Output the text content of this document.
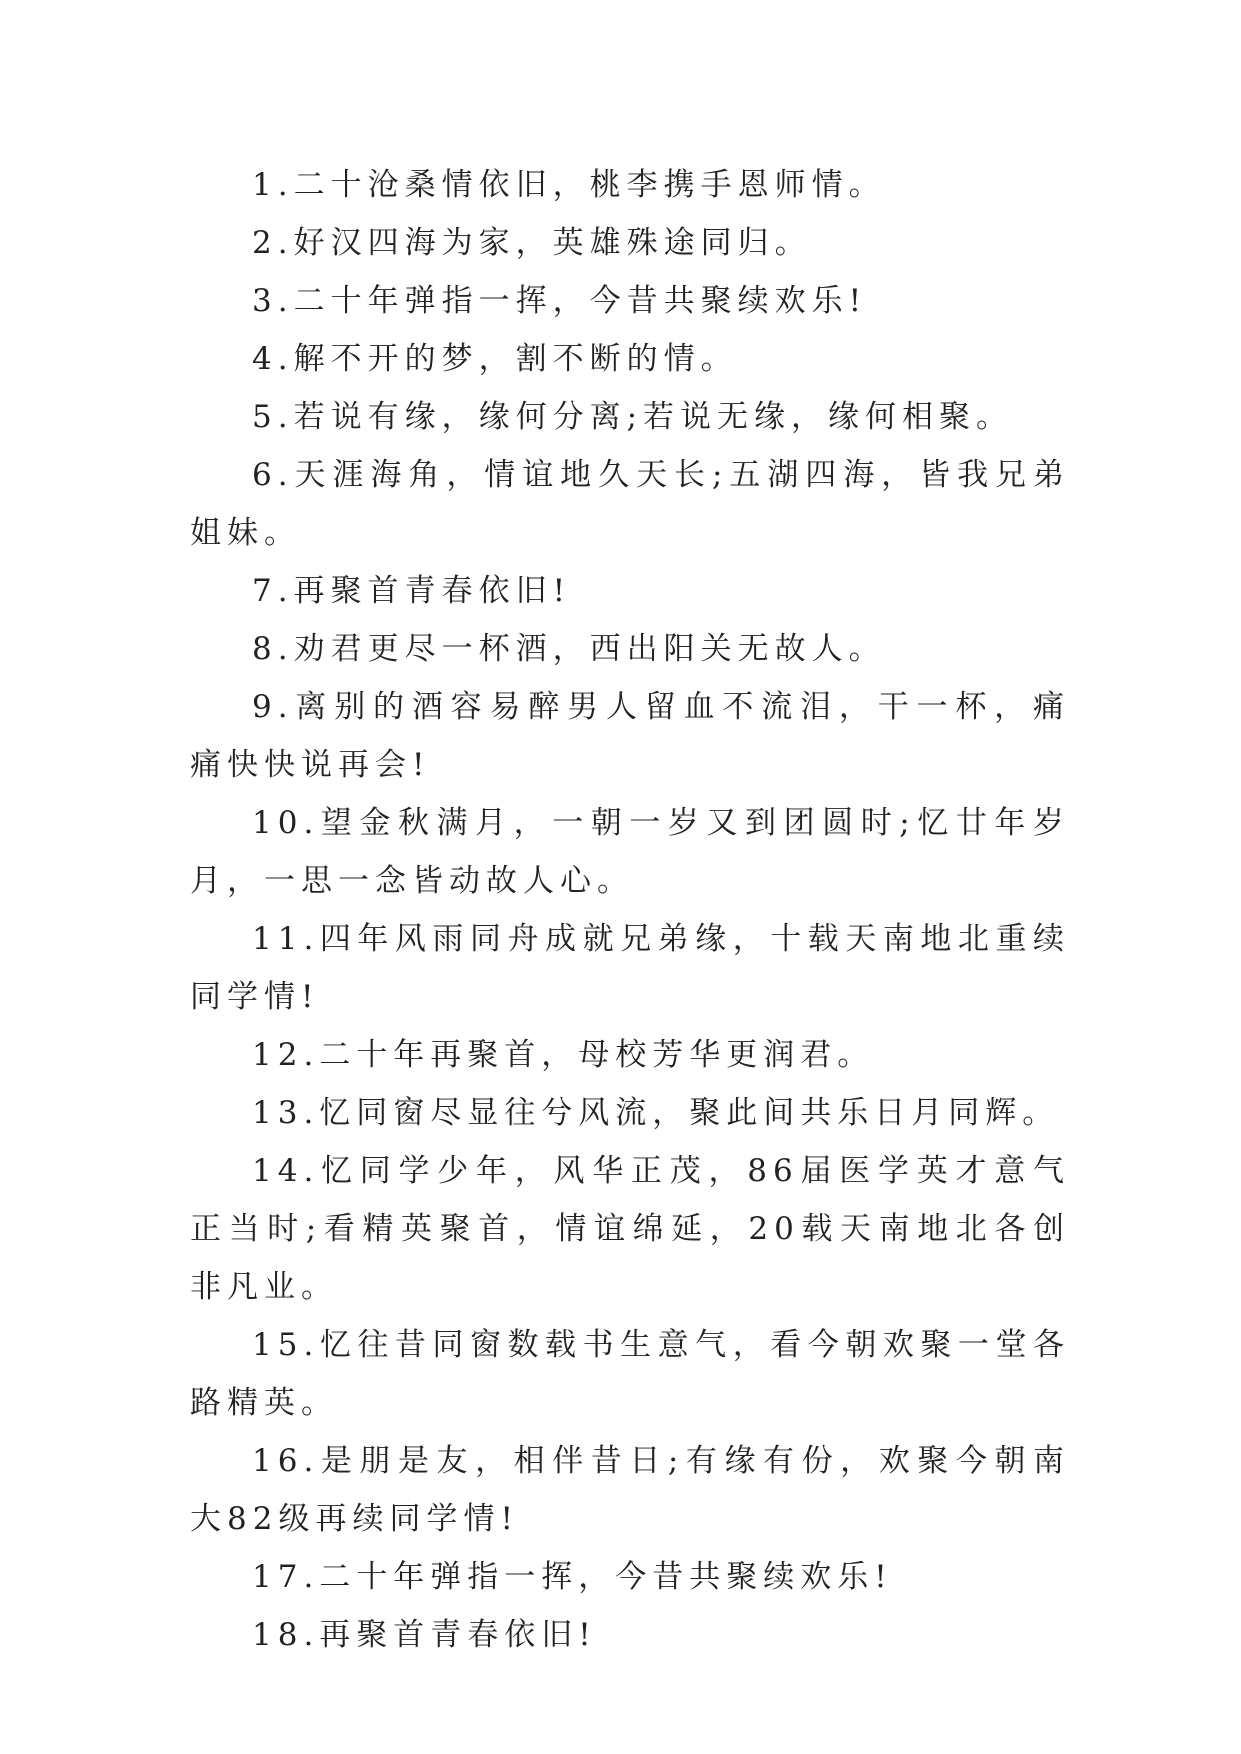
1.二十沧桑情依旧，桃李携手恩师情。

2.好汉四海为家，英雄殊途同归。

3.二十年弹指一挥，今昔共聚续欢乐!

4.解不开的梦，割不断的情。

5.若说有缘，缘何分离;若说无缘，缘何相聚。

6.天涯海角，情谊地久天长;五湖四海，皆我兄弟姐妹。

7.再聚首青春依旧!

8.劝君更尽一杯酒，西出阳关无故人。

9.离别的酒容易醉男人留血不流泪，干一杯，痛痛快快说再会!

10.望金秋满月，一朝一岁又到团圆时;忆廿年岁月，一思一念皆动故人心。

11.四年风雨同舟成就兄弟缘，十载天南地北重续同学情!

12.二十年再聚首，母校芳华更润君。

13.忆同窗尽显往兮风流，聚此间共乐日月同辉。

14.忆同学少年，风华正茂，86届医学英才意气正当时;看精英聚首，情谊绵延，20载天南地北各创非凡业。

15.忆往昔同窗数载书生意气，看今朝欢聚一堂各路精英。

16.是朋是友，相伴昔日;有缘有份，欢聚今朝南大82级再续同学情!

17.二十年弹指一挥，今昔共聚续欢乐!

18.再聚首青春依旧!
